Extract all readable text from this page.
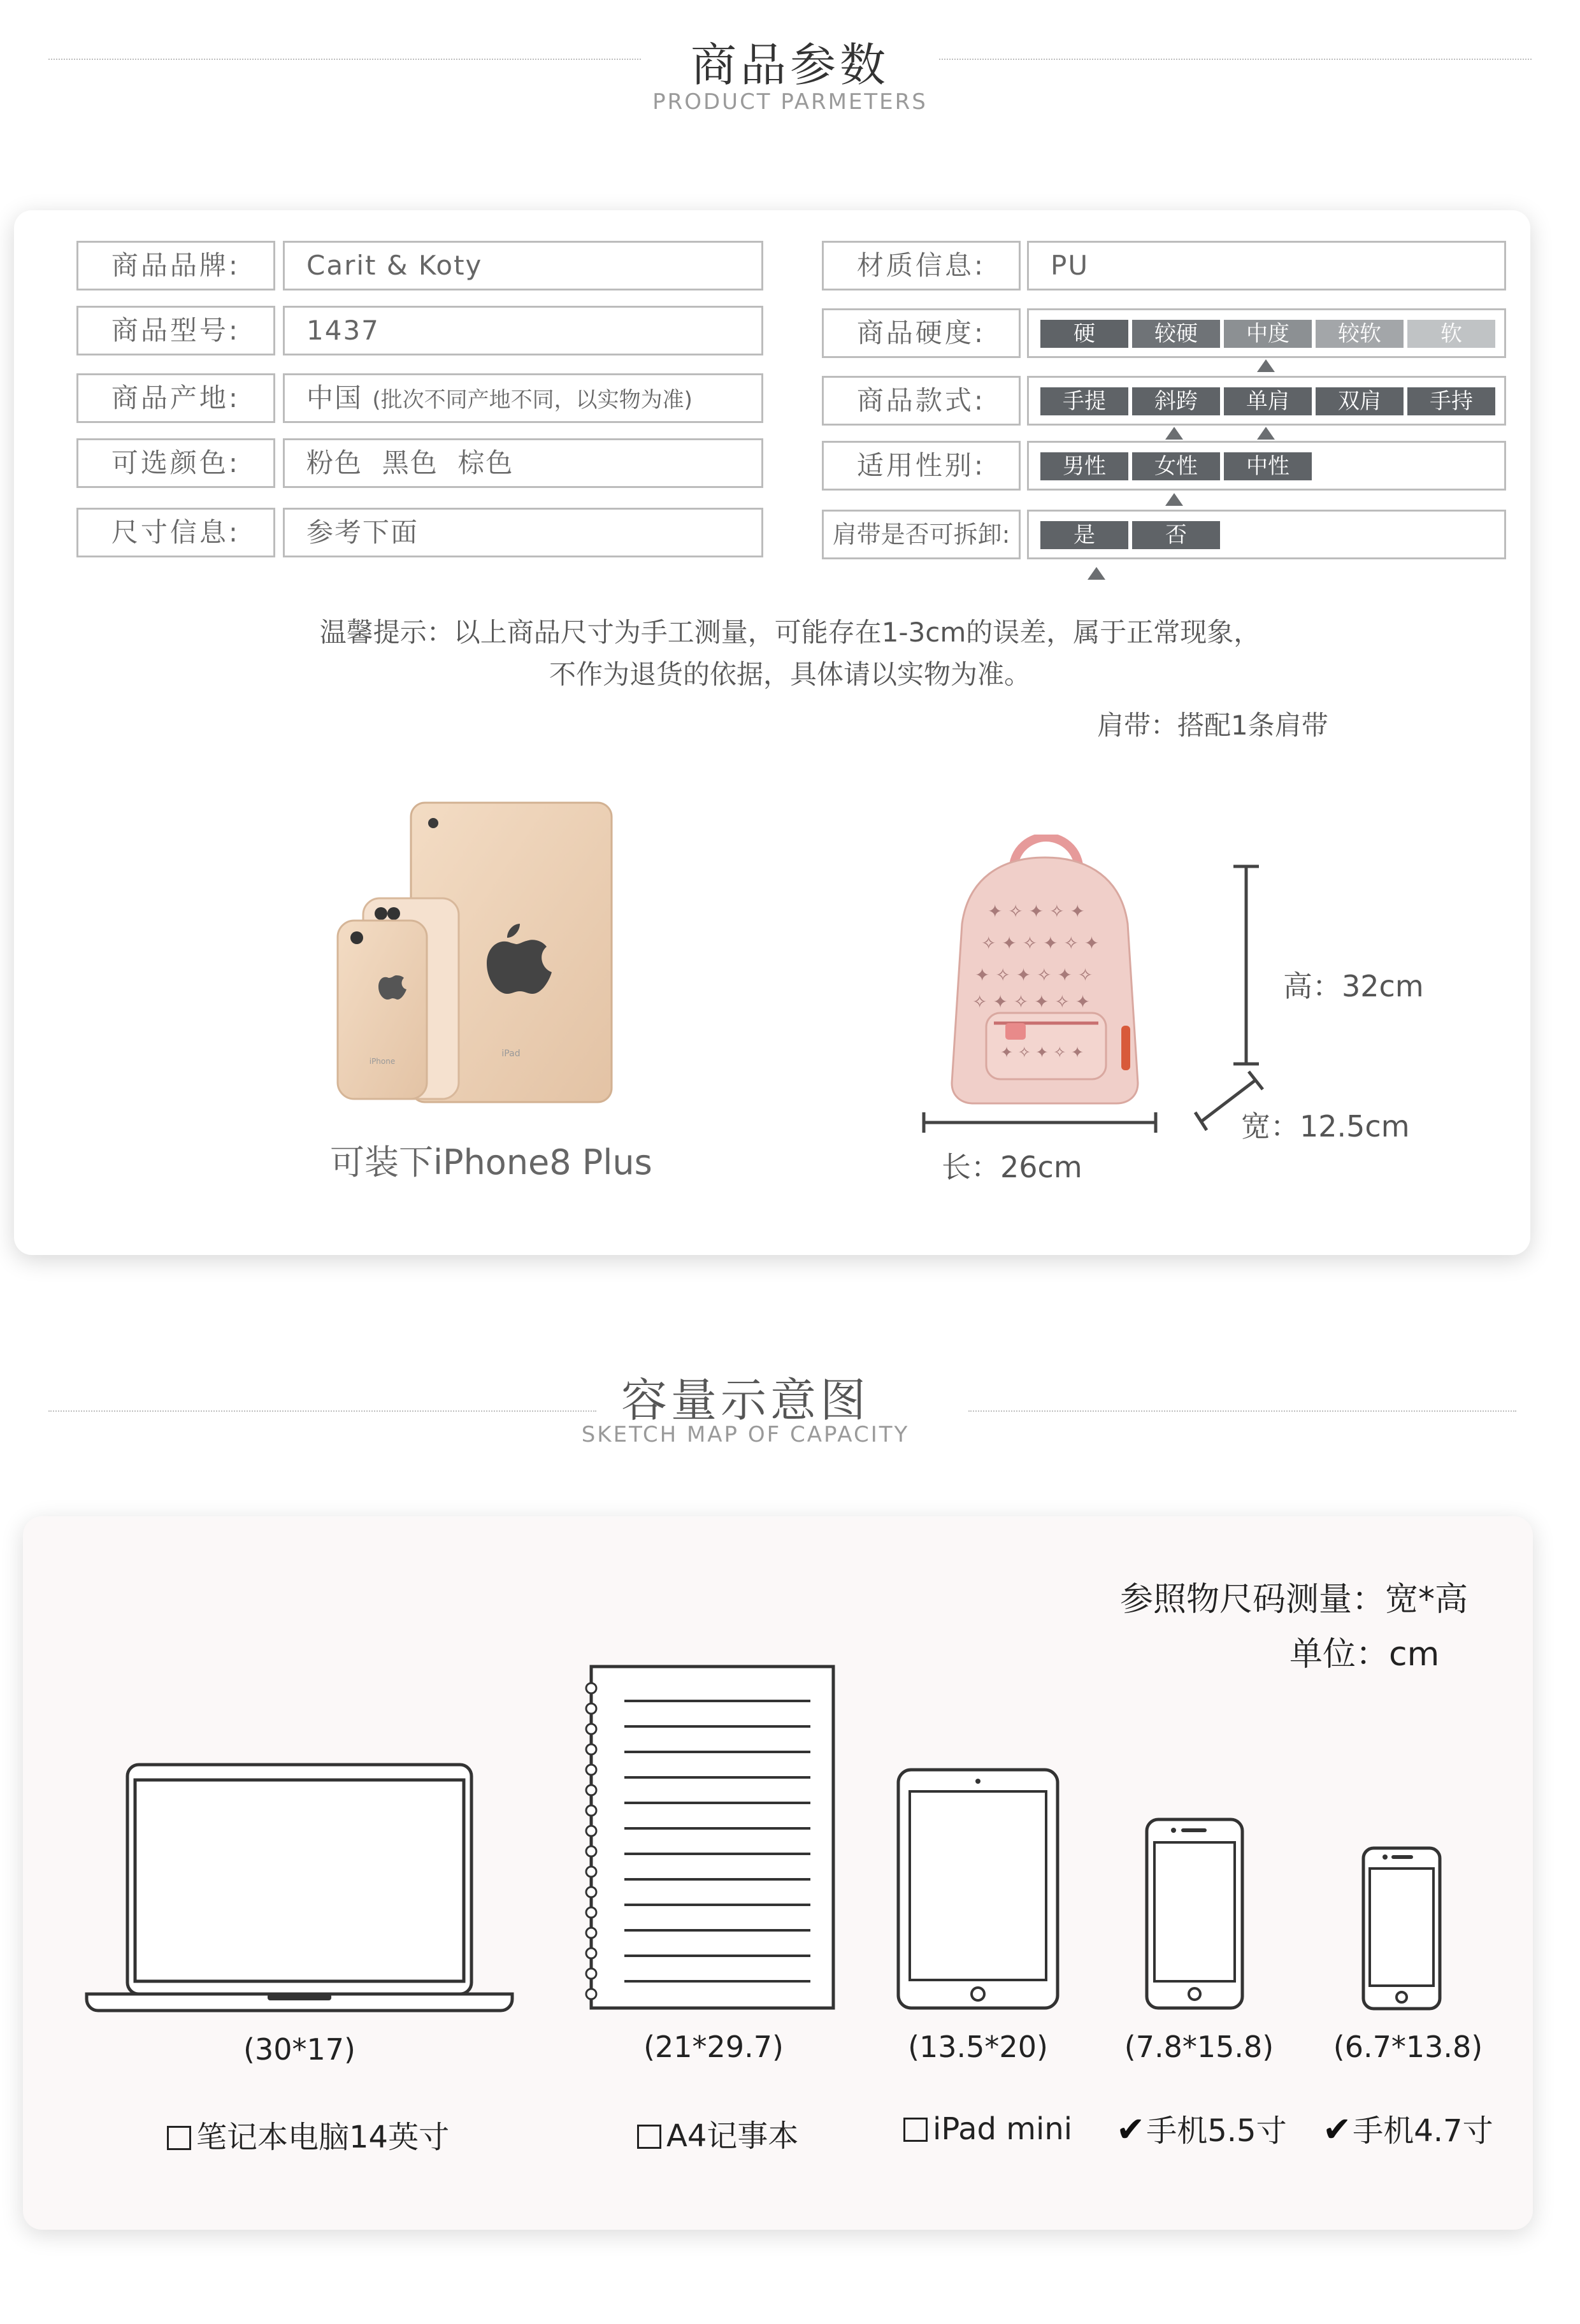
商品参数
PRODUCT PARMETERS
商品品牌:	Carit & Koty
商品型号:	1437
商品产地:	中国 (批次不同产地不同，以实物为准)
可选颜色:	粉色  黑色  棕色
尺寸信息:	参考下面
材质信息:	PU
商品硬度:	硬	较硬	中度	较软	软
商品款式:	手提	斜跨	单肩	双肩	手持
适用性别:	男性	女性	中性
肩带是否可拆卸:	是	否
温馨提示：以上商品尺寸为手工测量，可能存在1-3cm的误差，属于正常现象，
不作为退货的依据，具体请以实物为准。
肩带：搭配1条肩带
iPad
iPhone
可装下iPhone8 Plus
✦ ✧ ✦ ✧ ✦
✧ ✦ ✧ ✦ ✧ ✦
✦ ✧ ✦ ✧ ✦ ✧
✧ ✦ ✧ ✦ ✧ ✦
✦ ✧ ✦ ✧ ✦
高：32cm
宽：12.5cm
长：26cm
容量示意图
SKETCH MAP OF CAPACITY
参照物尺码测量：宽*高
单位：cm
(30*17)	(21*29.7)	(13.5*20)	(7.8*15.8)	(6.7*13.8)
笔记本电脑14英寸	A4记事本	iPad mini ✔手机5.5寸 ✔手机4.7寸
